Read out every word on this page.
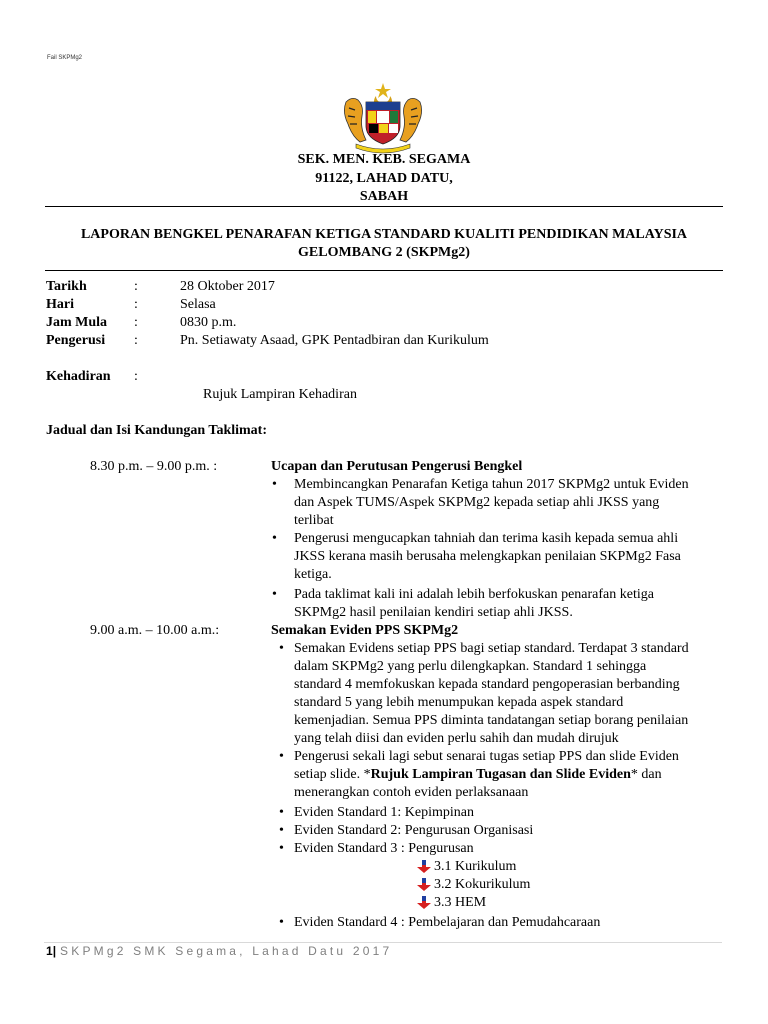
Fail SKPMg2
SEK. MEN. KEB. SEGAMA
91122, LAHAD DATU,
SABAH
LAPORAN BENGKEL PENARAFAN KETIGA STANDARD KUALITI PENDIDIKAN MALAYSIA
GELOMBANG 2 (SKPMg2)
Tarikh	:	28 Oktober 2017
Hari	:	Selasa
Jam Mula :	0830 p.m.
Pengerusi :	Pn. Setiawaty Asaad, GPK Pentadbiran dan Kurikulum
Kehadiran :
Rujuk Lampiran Kehadiran
Jadual dan Isi Kandungan Taklimat:
8.30 p.m. – 9.00 p.m. :	Ucapan dan Perutusan Pengerusi Bengkel
• Membincangkan Penarafan Ketiga tahun 2017 SKPMg2 untuk Eviden
dan Aspek TUMS/Aspek SKPMg2 kepada setiap ahli JKSS yang
terlibat
• Pengerusi mengucapkan tahniah dan terima kasih kepada semua ahli
JKSS kerana masih berusaha melengkapkan penilaian SKPMg2 Fasa
ketiga.
• Pada taklimat kali ini adalah lebih berfokuskan penarafan ketiga
SKPMg2 hasil penilaian kendiri setiap ahli JKSS.
9.00 a.m. – 10.00 a.m.:	Semakan Eviden PPS SKPMg2
• Semakan Evidens setiap PPS bagi setiap standard. Terdapat 3 standard
dalam SKPMg2 yang perlu dilengkapkan. Standard 1 sehingga
standard 4 memfokuskan kepada standard pengoperasian berbanding
standard 5 yang lebih menumpukan kepada aspek standard
kemenjadian. Semua PPS diminta tandatangan setiap borang penilaian
yang telah diisi dan eviden perlu sahih dan mudah dirujuk
• Pengerusi sekali lagi sebut senarai tugas setiap PPS dan slide Eviden
setiap slide. *Rujuk Lampiran Tugasan dan Slide Eviden* dan
menerangkan contoh eviden perlaksanaan
• Eviden Standard 1: Kepimpinan
• Eviden Standard 2: Pengurusan Organisasi
• Eviden Standard 3 : Pengurusan
3.1 Kurikulum
3.2 Kokurikulum
3.3 HEM
• Eviden Standard 4 : Pembelajaran dan Pemudahcaraan
1| SKPMg2 SMK Segama, Lahad Datu 2017
